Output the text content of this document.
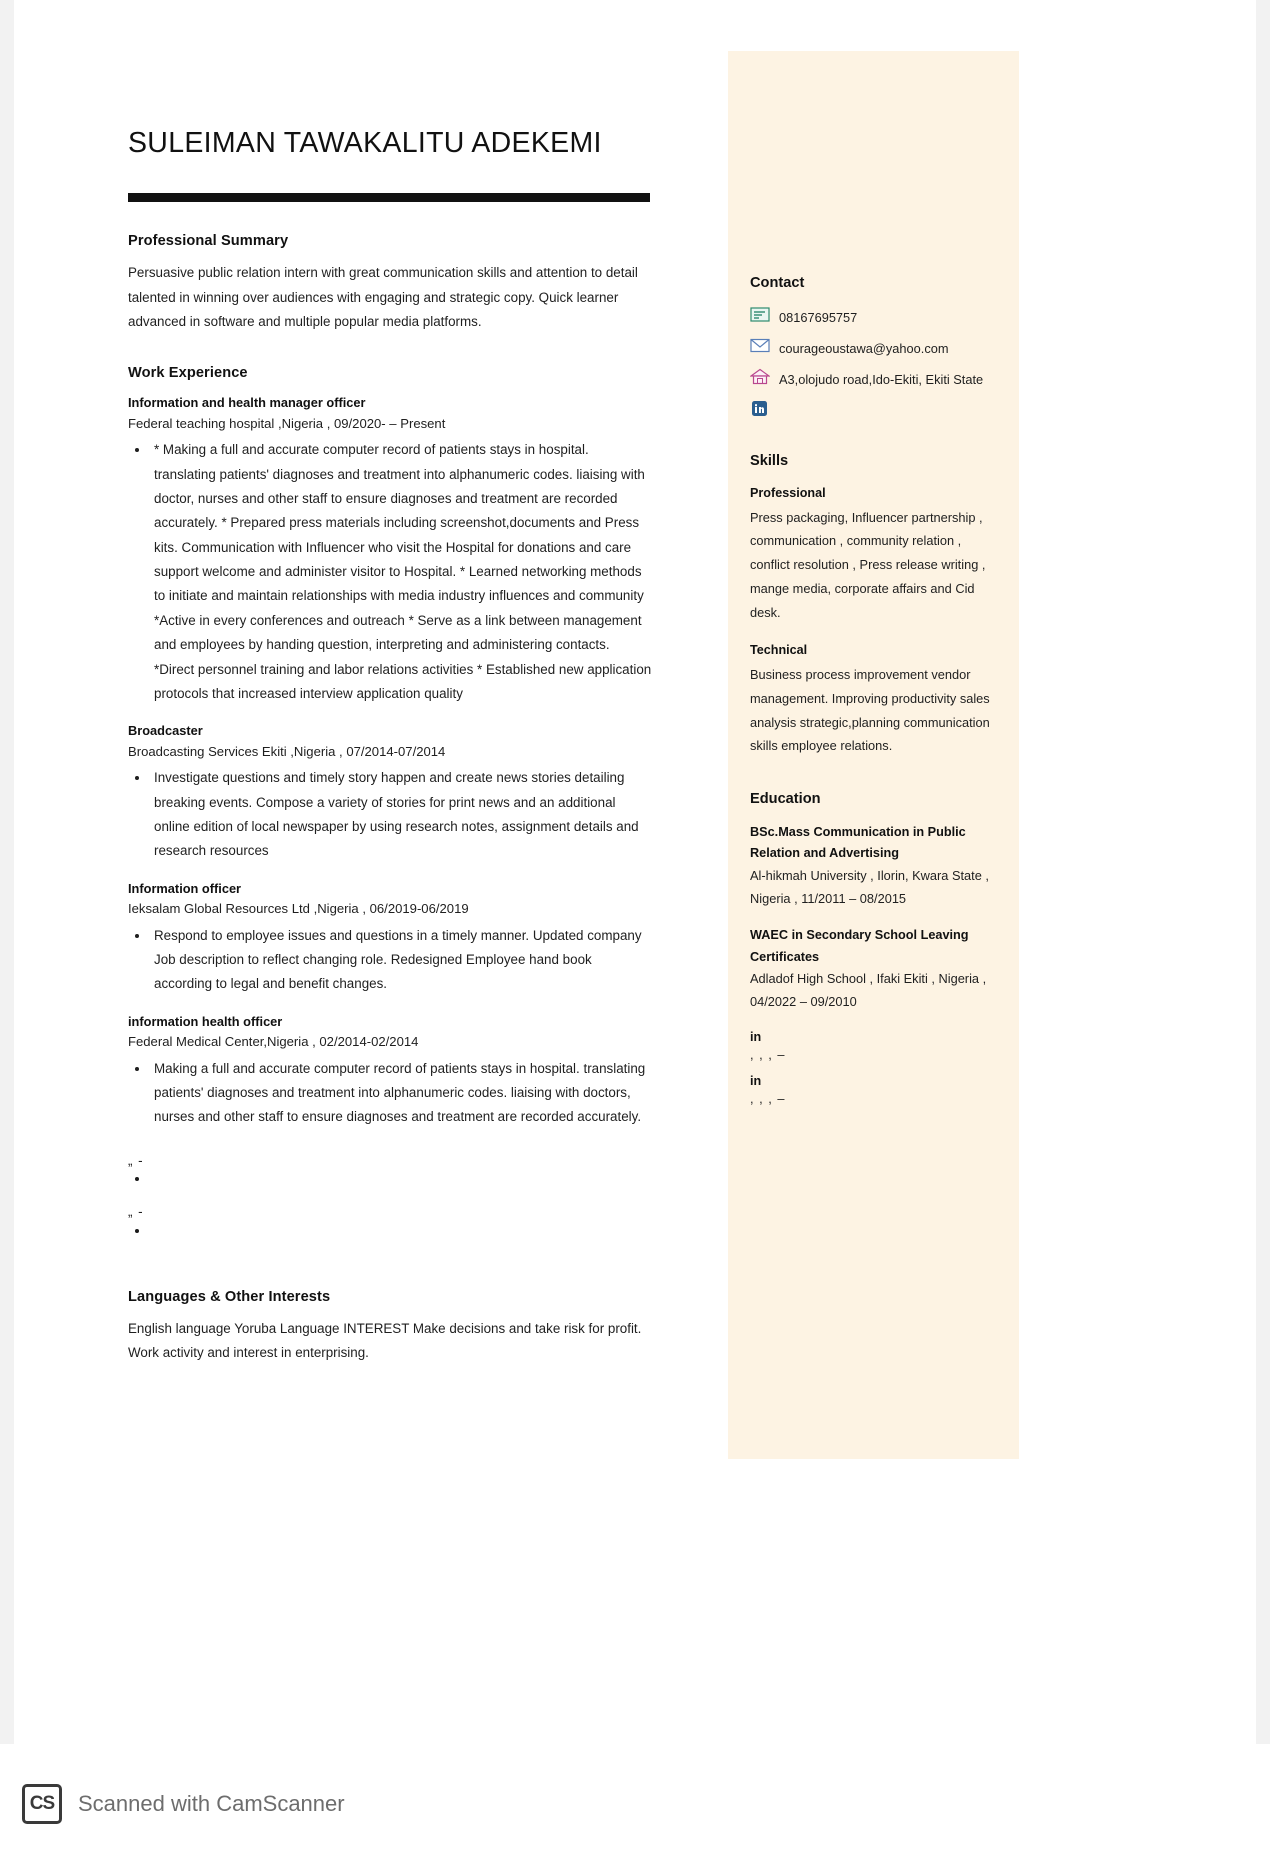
Contact
08167695757
courageoustawa@yahoo.com
A3,olojudo road,Ido-Ekiti, Ekiti State
Skills
Professional
Press packaging, Influencer partnership , communication , community relation , conflict resolution , Press release writing , mange media, corporate affairs and Cid desk.
Technical
Business process improvement vendor management. Improving productivity sales analysis strategic,planning communication skills employee relations.
Education
BSc.Mass Communication in Public Relation and Advertising
Al-hikmah University , Ilorin, Kwara State , Nigeria , 11/2011 – 08/2015
WAEC in Secondary School Leaving Certificates
Adladof High School , Ifaki Ekiti , Nigeria , 04/2022 – 09/2010
in
, , , –
in
, , , –
SULEIMAN TAWAKALITU ADEKEMI
Professional Summary

Persuasive public relation intern with great communication skills and attention to detail talented in winning over audiences with engaging and strategic copy. Quick learner advanced in software and multiple popular media platforms.

Work Experience
Information and health manager officer
Federal teaching hospital ,Nigeria , 09/2020- – Present
• * Making a full and accurate computer record of patients stays in hospital. translating patients' diagnoses and treatment into alphanumeric codes. liaising with doctor, nurses and other staff to ensure diagnoses and treatment are recorded accurately. * Prepared press materials including screenshot,documents and Press kits. Communication with Influencer who visit the Hospital for donations and care support welcome and administer visitor to Hospital. * Learned networking methods to initiate and maintain relationships with media industry influences and community *Active in every conferences and outreach * Serve as a link between management and employees by handing question, interpreting and administering contacts. *Direct personnel training and labor relations activities * Established new application protocols that increased interview application quality
Broadcaster
Broadcasting Services Ekiti ,Nigeria , 07/2014-07/2014
• Investigate questions and timely story happen and create news stories detailing breaking events. Compose a variety of stories for print news and an additional online edition of local newspaper by using research notes, assignment details and research resources
Information officer
Ieksalam Global Resources Ltd ,Nigeria , 06/2019-06/2019
• Respond to employee issues and questions in a timely manner. Updated company Job description to reflect changing role. Redesigned Employee hand book according to legal and benefit changes.
information health officer
Federal Medical Center,Nigeria , 02/2014-02/2014
• Making a full and accurate computer record of patients stays in hospital. translating patients' diagnoses and treatment into alphanumeric codes. liaising with doctors, nurses and other staff to ensure diagnoses and treatment are recorded accurately.
„ -
•
„ -
•
Languages & Other Interests

English language Yoruba Language INTEREST Make decisions and take risk for profit. Work activity and interest in enterprising.

CS	Scanned with CamScanner
